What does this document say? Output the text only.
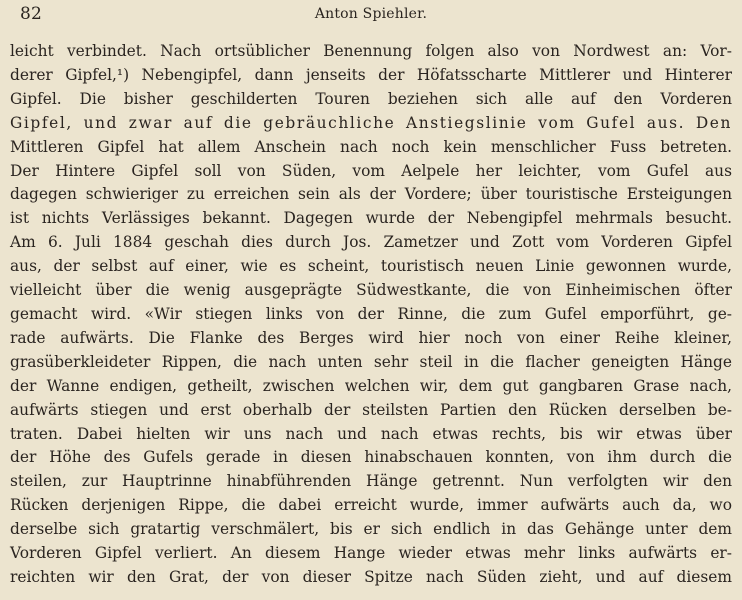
82	Anton Spiehler.
leicht verbindet. Nach ortsüblicher Benennung folgen also von Nordwest an: Vor-
derer Gipfel,¹) Nebengipfel, dann jenseits der Höfatsscharte Mittlerer und Hinterer
Gipfel. Die bisher geschilderten Touren beziehen sich alle auf den Vorderen
Gipfel, und zwar auf die gebräuchliche Anstiegslinie vom Gufel aus. Den
Mittleren Gipfel hat allem Anschein nach noch kein menschlicher Fuss betreten.
Der Hintere Gipfel soll von Süden, vom Aelpele her leichter, vom Gufel aus
dagegen schwieriger zu erreichen sein als der Vordere; über touristische Ersteigungen
ist nichts Verlässiges bekannt. Dagegen wurde der Nebengipfel mehrmals besucht.
Am 6. Juli 1884 geschah dies durch Jos. Zametzer und Zott vom Vorderen Gipfel
aus, der selbst auf einer, wie es scheint, touristisch neuen Linie gewonnen wurde,
vielleicht über die wenig ausgeprägte Südwestkante, die von Einheimischen öfter
gemacht wird. «Wir stiegen links von der Rinne, die zum Gufel emporführt, ge-
rade aufwärts. Die Flanke des Berges wird hier noch von einer Reihe kleiner,
grasüberkleideter Rippen, die nach unten sehr steil in die flacher geneigten Hänge
der Wanne endigen, getheilt, zwischen welchen wir, dem gut gangbaren Grase nach,
aufwärts stiegen und erst oberhalb der steilsten Partien den Rücken derselben be-
traten. Dabei hielten wir uns nach und nach etwas rechts, bis wir etwas über
der Höhe des Gufels gerade in diesen hinabschauen konnten, von ihm durch die
steilen, zur Hauptrinne hinabführenden Hänge getrennt. Nun verfolgten wir den
Rücken derjenigen Rippe, die dabei erreicht wurde, immer aufwärts auch da, wo
derselbe sich gratartig verschmälert, bis er sich endlich in das Gehänge unter dem
Vorderen Gipfel verliert. An diesem Hange wieder etwas mehr links aufwärts er-
reichten wir den Grat, der von dieser Spitze nach Süden zieht, und auf diesem
